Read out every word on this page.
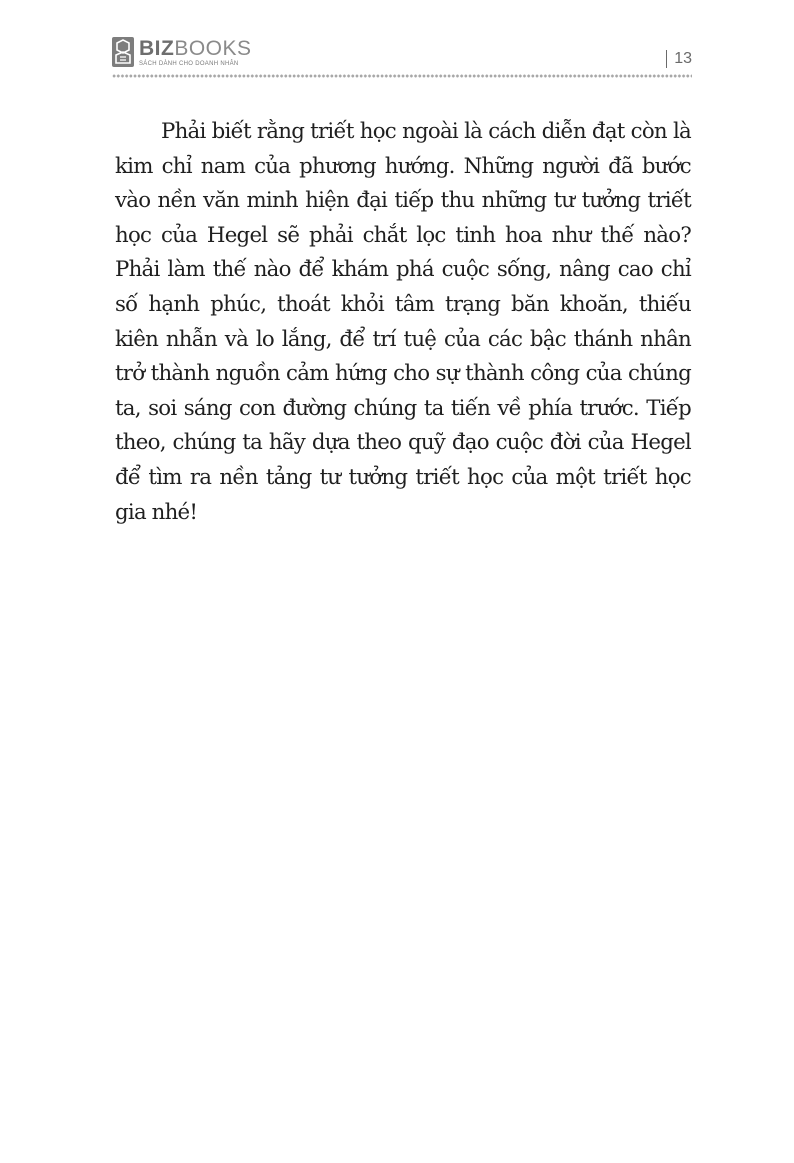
BIZBOOKS
SÁCH DÀNH CHO DOANH NHÂN	13

Phải biết rằng triết học ngoài là cách diễn đạt còn là kim chỉ nam của phương hướng. Những người đã bước vào nền văn minh hiện đại tiếp thu những tư tưởng triết học của Hegel sẽ phải chắt lọc tinh hoa như thế nào? Phải làm thế nào để khám phá cuộc sống, nâng cao chỉ số hạnh phúc, thoát khỏi tâm trạng băn khoăn, thiếu kiên nhẫn và lo lắng, để trí tuệ của các bậc thánh nhân trở thành nguồn cảm hứng cho sự thành công của chúng ta, soi sáng con đường chúng ta tiến về phía trước. Tiếp theo, chúng ta hãy dựa theo quỹ đạo cuộc đời của Hegel để tìm ra nền tảng tư tưởng triết học của một triết học gia nhé!
